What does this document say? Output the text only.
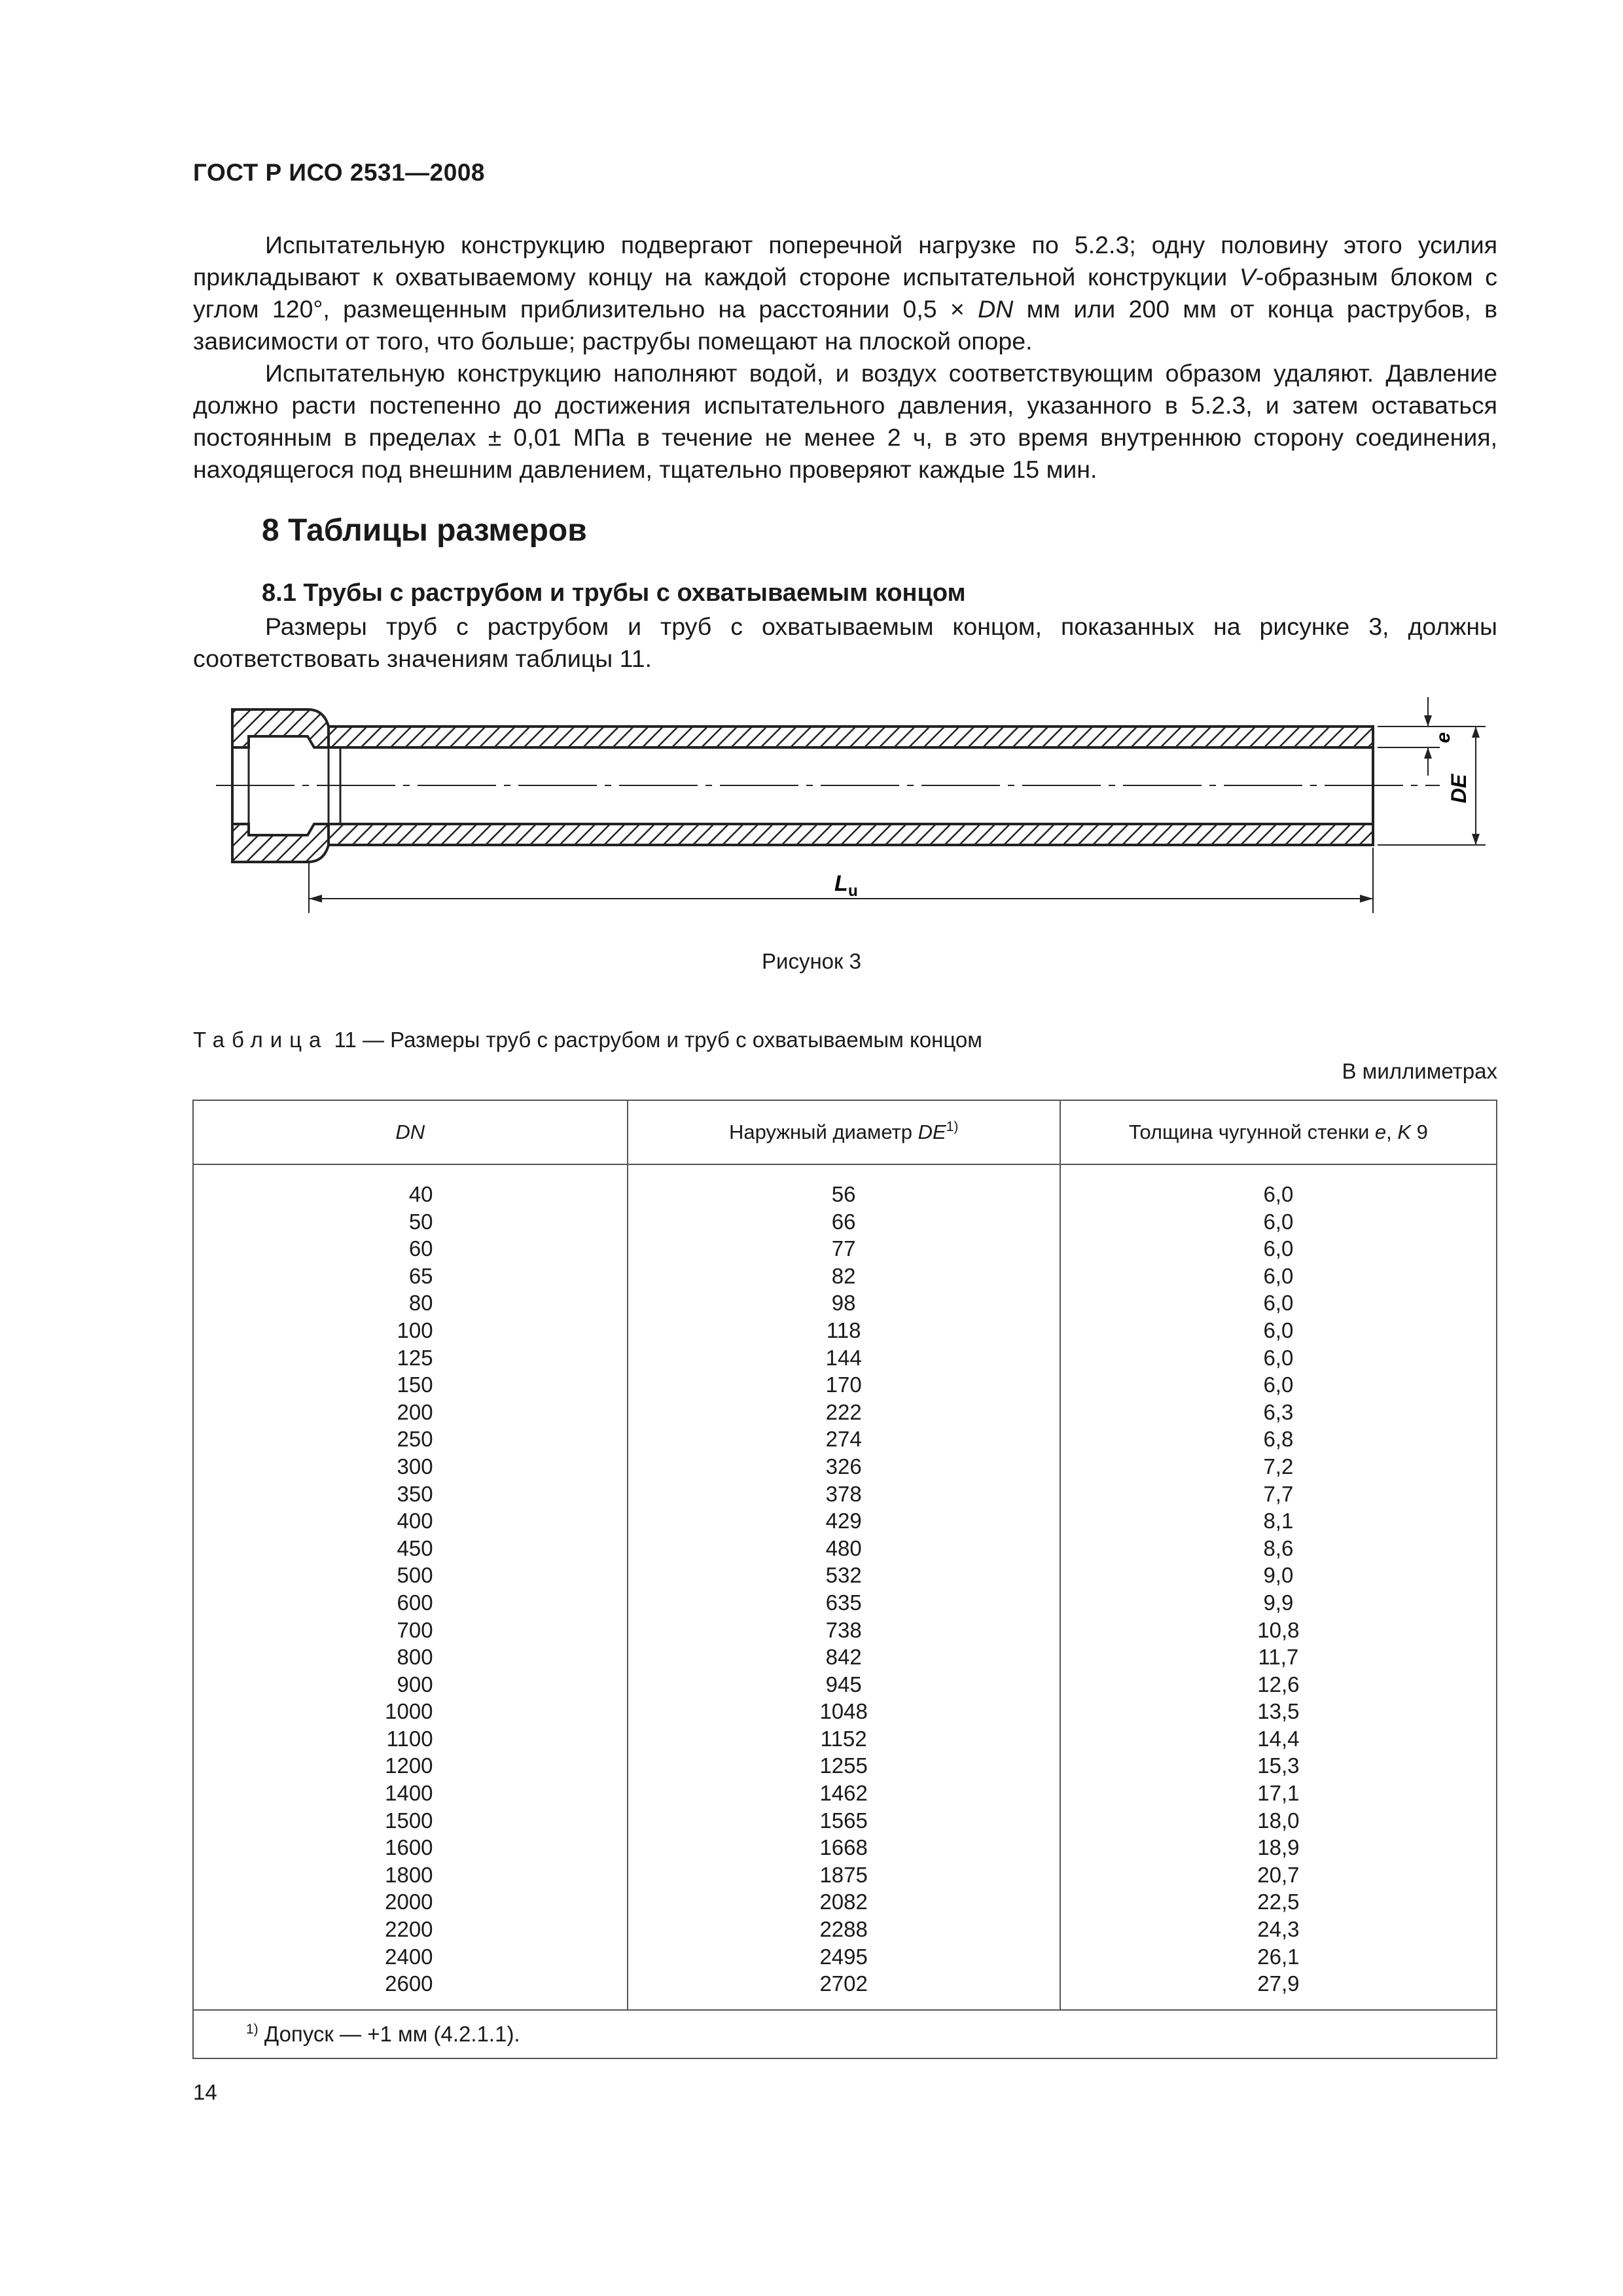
ГОСТ Р ИСО 2531—2008

Испытательную конструкцию подвергают поперечной нагрузке по 5.2.3; одну половину этого усилия прикладывают к охватываемому концу на каждой стороне испытательной конструкции V-образным блоком с углом 120°, размещенным приблизительно на расстоянии 0,5 × DN мм или 200 мм от конца раструбов, в зависимости от того, что больше; раструбы помещают на плоской опоре.

Испытательную конструкцию наполняют водой, и воздух соответствующим образом удаляют. Давление должно расти постепенно до достижения испытательного давления, указанного в 5.2.3, и затем оставаться постоянным в пределах ± 0,01 МПа в течение не менее 2 ч, в это время внутреннюю сторону соединения, находящегося под внешним давлением, тщательно проверяют каждые 15 мин.

8 Таблицы размеров
8.1 Трубы с раструбом и трубы с охватываемым концом

Размеры труб с раструбом и труб с охватываемым концом, показанных на рисунке 3, должны соответствовать значениям таблицы 11.

e
DE
L u
Рисунок 3
Таблица 11 — Размеры труб с раструбом и труб с охватываемым концом
В миллиметрах
DN	Наружный диаметр DE$^{1)}$	Толщина чугунной стенки e, K 9
40	56	6,0
50	66	6,0
60	77	6,0
65	82	6,0
80	98	6,0
100	118	6,0
125	144	6,0
150	170	6,0
200	222	6,3
250	274	6,8
300	326	7,2
350	378	7,7
400	429	8,1
450	480	8,6
500	532	9,0
600	635	9,9
700	738	10,8
800	842	11,7
900	945	12,6
1000	1048	13,5
1100	1152	14,4
1200	1255	15,3
1400	1462	17,1
1500	1565	18,0
1600	1668	18,9
1800	1875	20,7
2000	2082	22,5
2200	2288	24,3
2400	2495	26,1
2600	2702	27,9
$^{1)}$ Допуск — +1 мм (4.2.1.1).		
14
